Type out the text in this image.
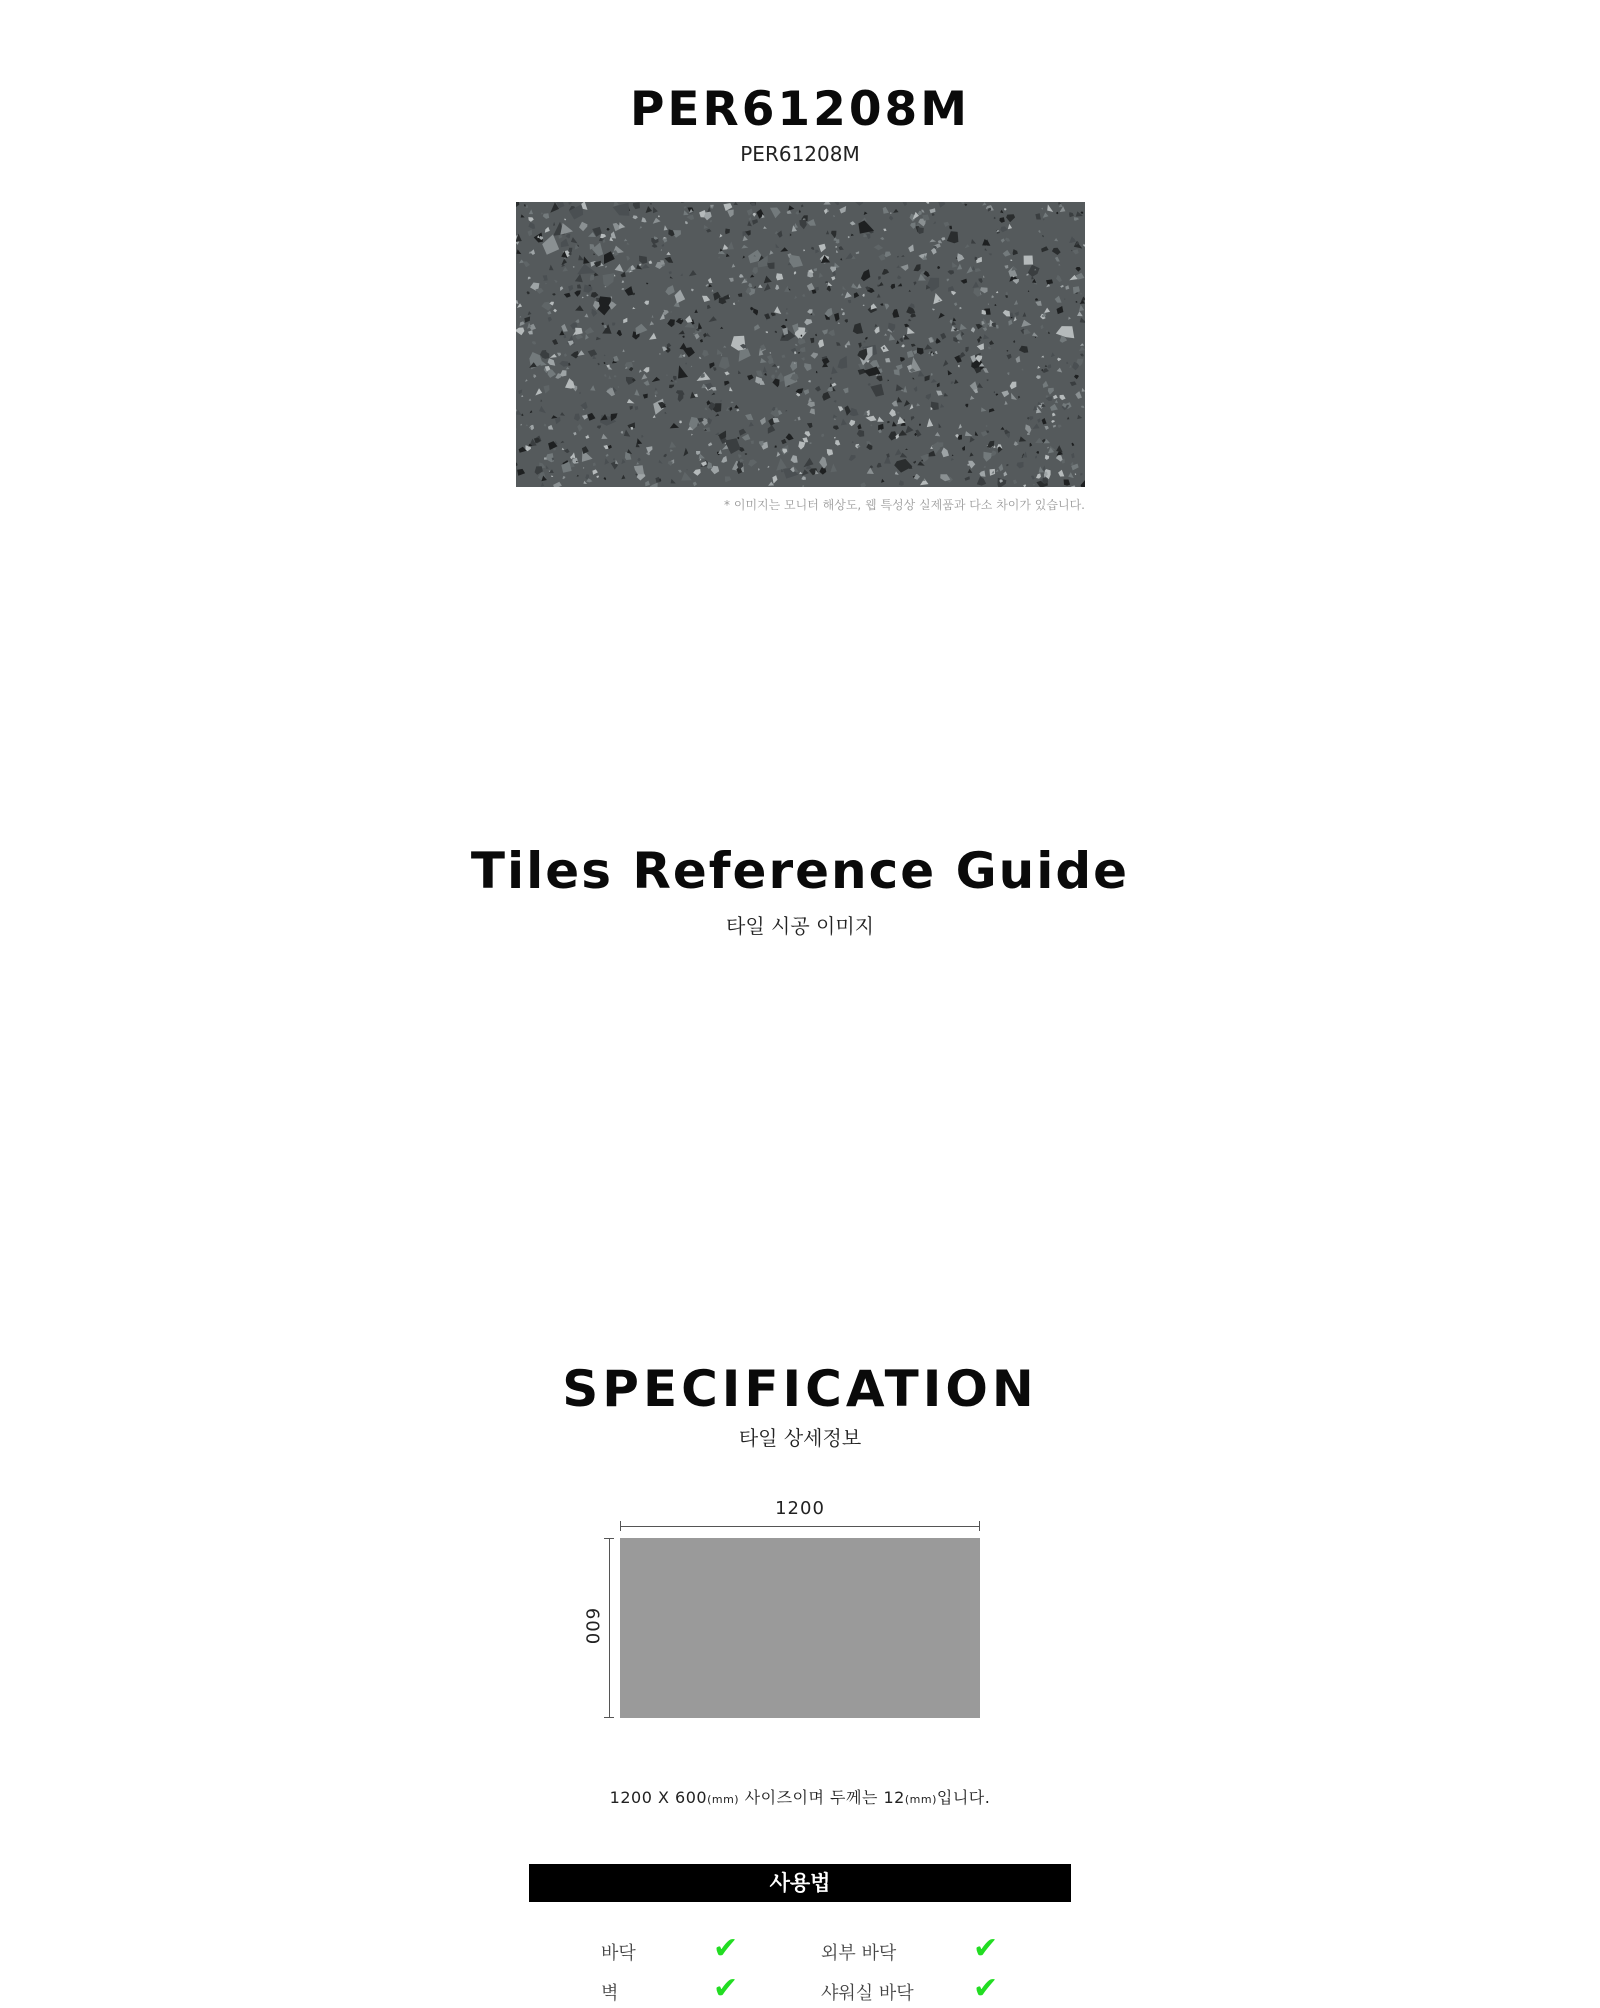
PER61208M
PER61208M
* 이미지는 모니터 해상도, 웹 특성상 실제품과 다소 차이가 있습니다.
Tiles Reference Guide
타일 시공 이미지
SPECIFICATION
타일 상세정보
1200
600
1200 X 600(mm) 사이즈이며 두께는 12(mm)입니다.
사용법
바닥	✔	외부 바닥	✔
벽	✔	샤워실 바닥 ✔
